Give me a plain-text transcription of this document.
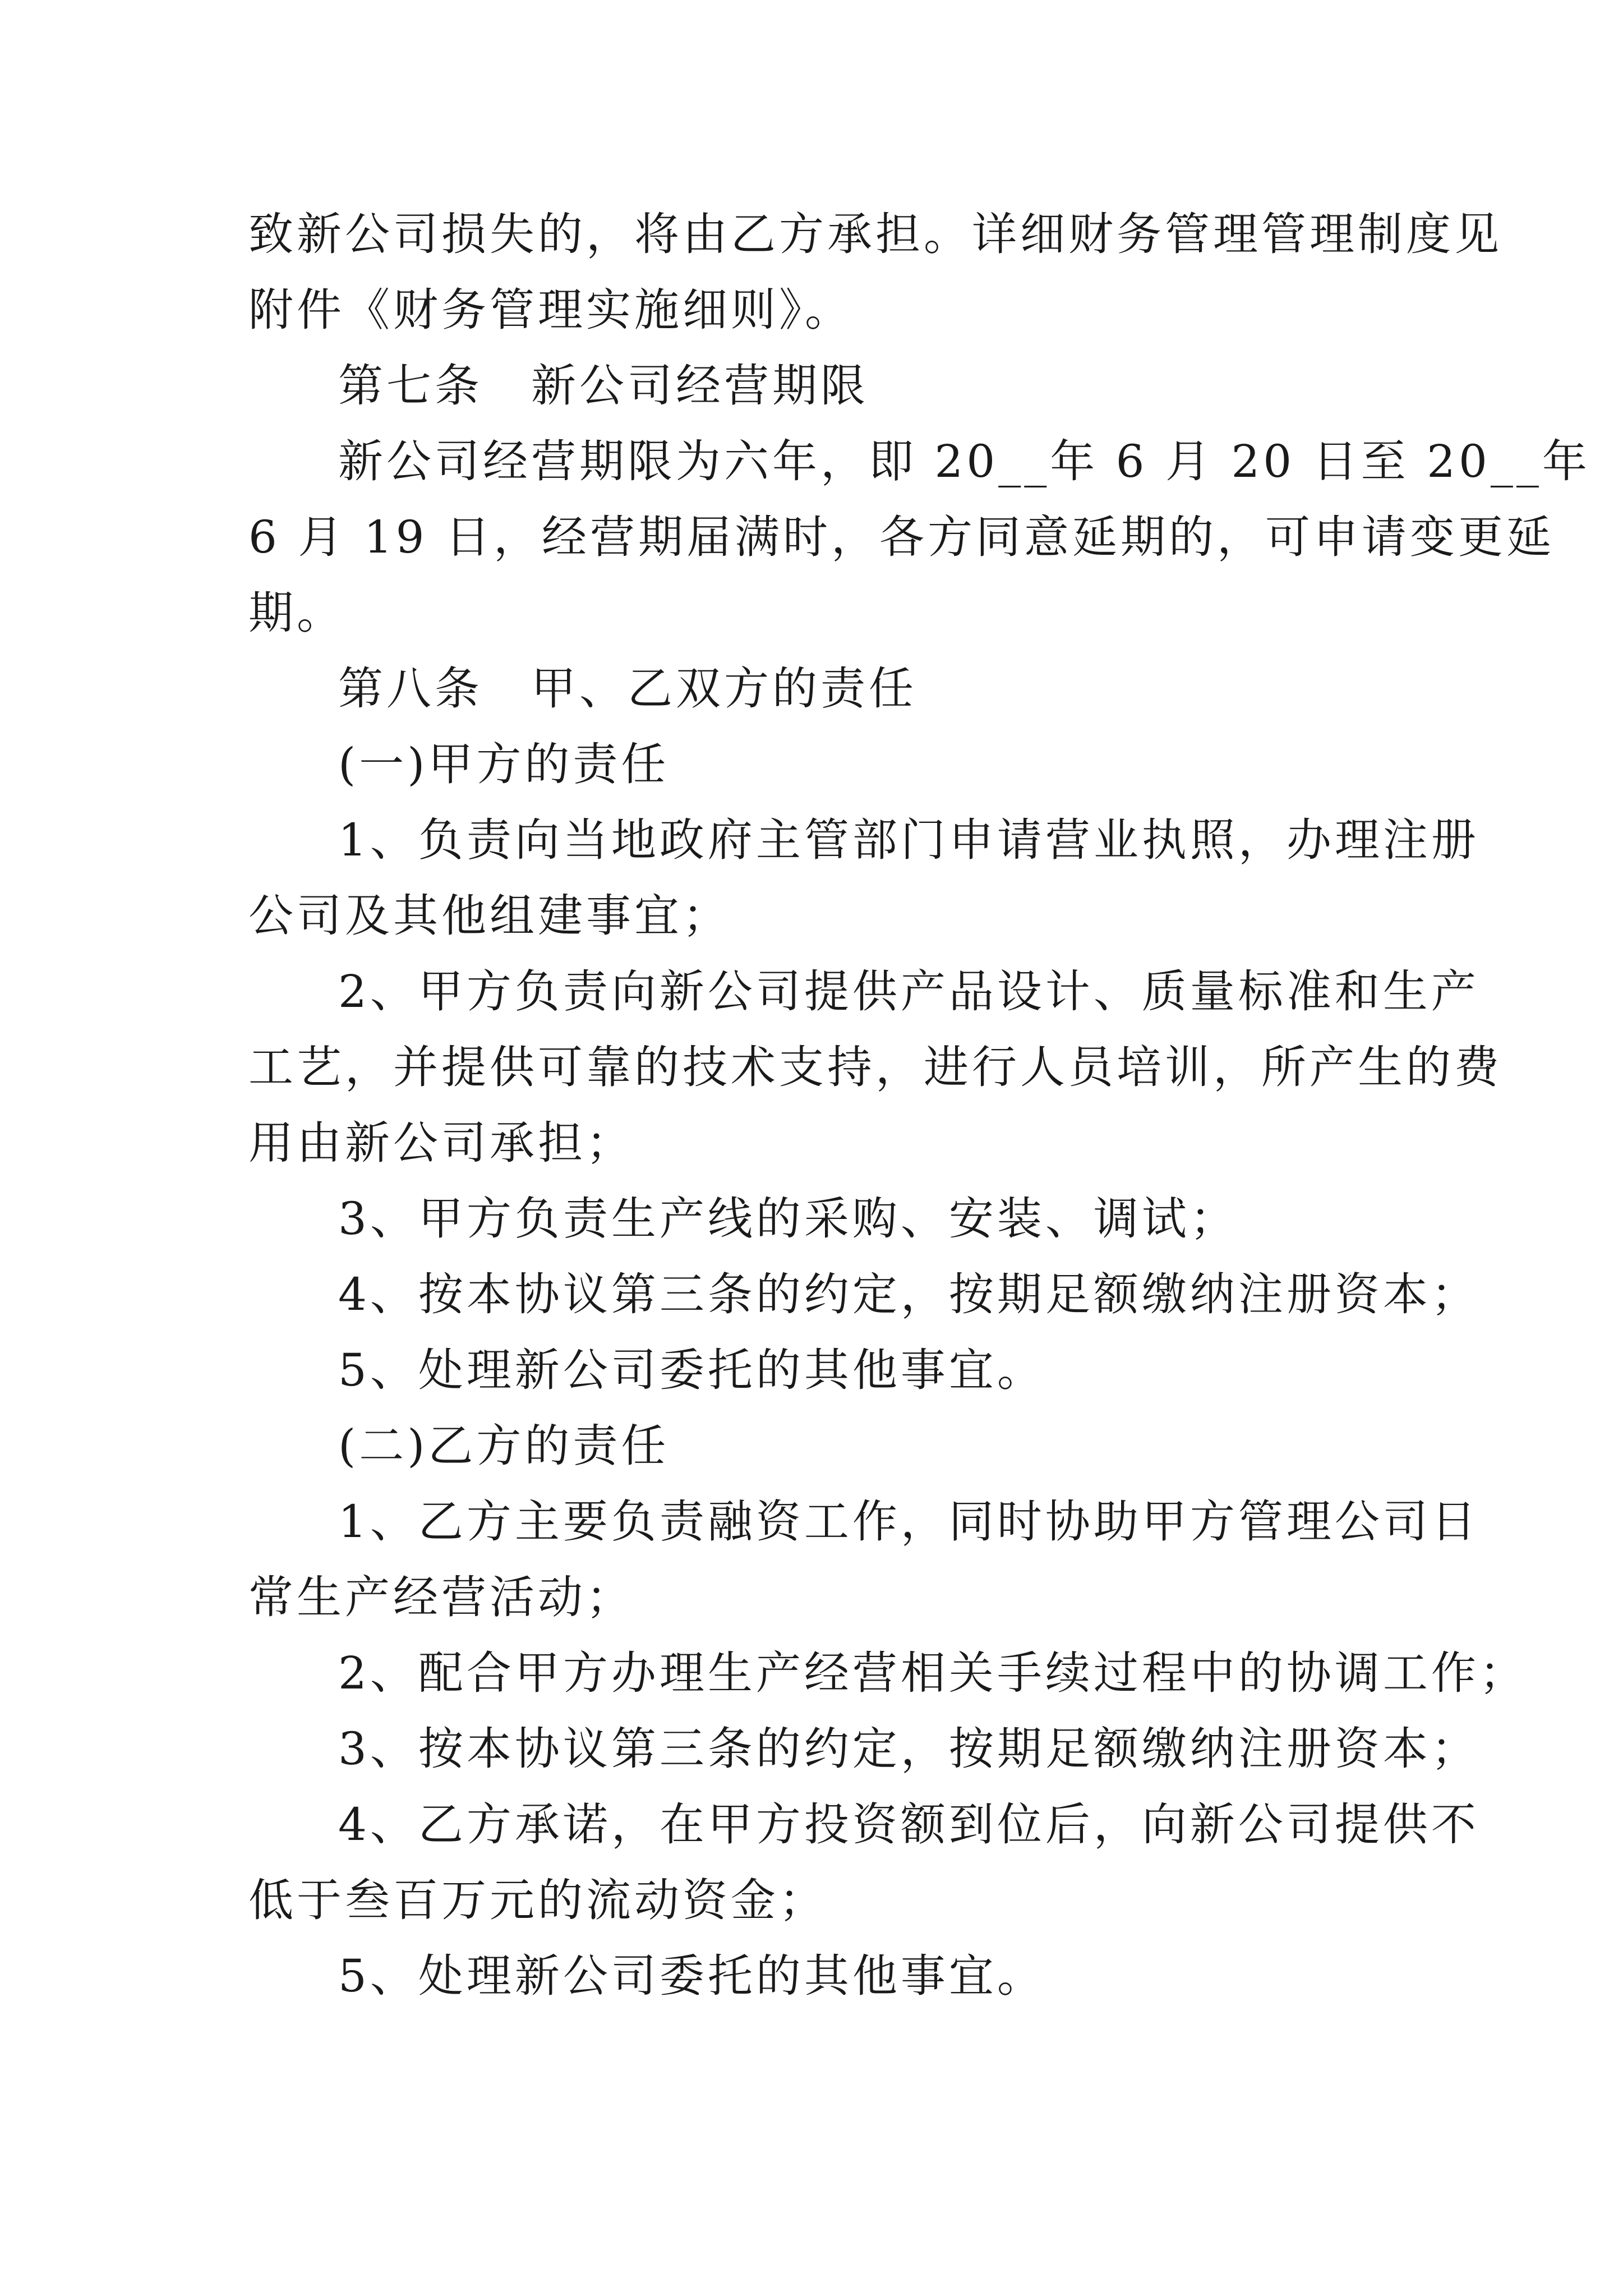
致新公司损失的，将由乙方承担。详细财务管理管理制度见
附件《财务管理实施细则》。
第七条　新公司经营期限
新公司经营期限为六年，即 20__年 6 月 20 日至 20__年
6 月 19 日，经营期届满时，各方同意延期的，可申请变更延
期。
第八条　甲、乙双方的责任
(一)甲方的责任
1、负责向当地政府主管部门申请营业执照，办理注册
公司及其他组建事宜；
2、甲方负责向新公司提供产品设计、质量标准和生产
工艺，并提供可靠的技术支持，进行人员培训，所产生的费
用由新公司承担；
3、甲方负责生产线的采购、安装、调试；
4、按本协议第三条的约定，按期足额缴纳注册资本；
5、处理新公司委托的其他事宜。
(二)乙方的责任
1、乙方主要负责融资工作，同时协助甲方管理公司日
常生产经营活动；
2、配合甲方办理生产经营相关手续过程中的协调工作；
3、按本协议第三条的约定，按期足额缴纳注册资本；
4、乙方承诺，在甲方投资额到位后，向新公司提供不
低于叁百万元的流动资金；
5、处理新公司委托的其他事宜。
